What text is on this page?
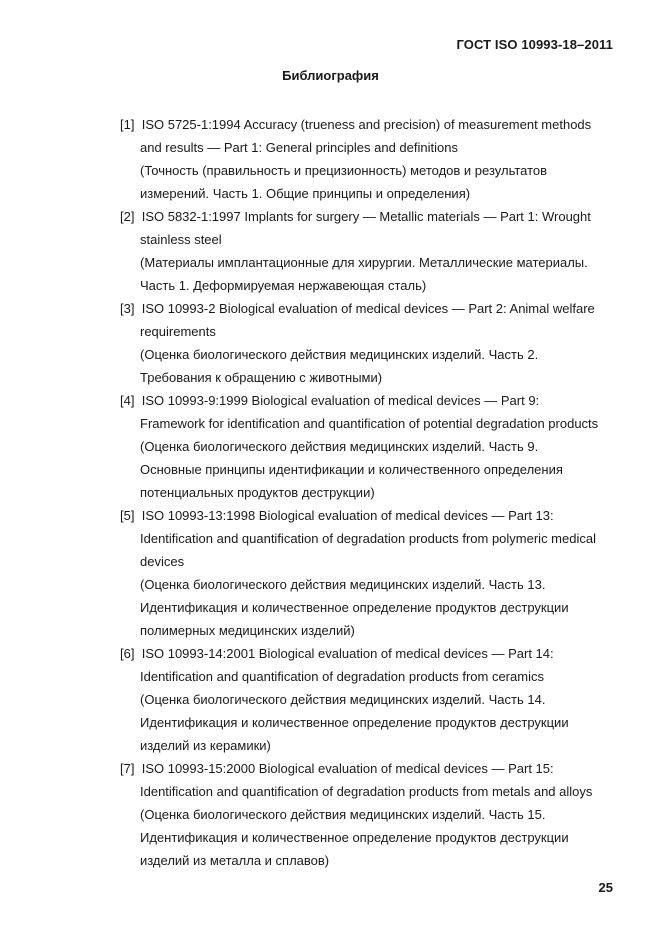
ГОСТ ISO 10993-18–2011
Библиография
[1] ISO 5725-1:1994 Accuracy (trueness and precision) of measurement methods
and results — Part 1: General principles and definitions
(Точность (правильность и прецизионность) методов и результатов
измерений. Часть 1. Общие принципы и определения)
[2] ISO 5832-1:1997 Implants for surgery — Metallic materials — Part 1: Wrought
stainless steel
(Материалы имплантационные для хирургии. Металлические материалы.
Часть 1. Деформируемая нержавеющая сталь)
[3] ISO 10993-2 Biological evaluation of medical devices — Part 2: Animal welfare
requirements
(Оценка биологического действия медицинских изделий. Часть 2.
Требования к обращению с животными)
[4] ISO 10993-9:1999 Biological evaluation of medical devices — Part 9:
Framework for identification and quantification of potential degradation products
(Оценка биологического действия медицинских изделий. Часть 9.
Основные принципы идентификации и количественного определения
потенциальных продуктов деструкции)
[5] ISO 10993-13:1998 Biological evaluation of medical devices — Part 13:
Identification and quantification of degradation products from polymeric medical
devices
(Оценка биологического действия медицинских изделий. Часть 13.
Идентификация и количественное определение продуктов деструкции
полимерных медицинских изделий)
[6] ISO 10993-14:2001 Biological evaluation of medical devices — Part 14:
Identification and quantification of degradation products from ceramics
(Оценка биологического действия медицинских изделий. Часть 14.
Идентификация и количественное определение продуктов деструкции
изделий из керамики)
[7] ISO 10993-15:2000 Biological evaluation of medical devices — Part 15:
Identification and quantification of degradation products from metals and alloys
(Оценка биологического действия медицинских изделий. Часть 15.
Идентификация и количественное определение продуктов деструкции
изделий из металла и сплавов)
25
